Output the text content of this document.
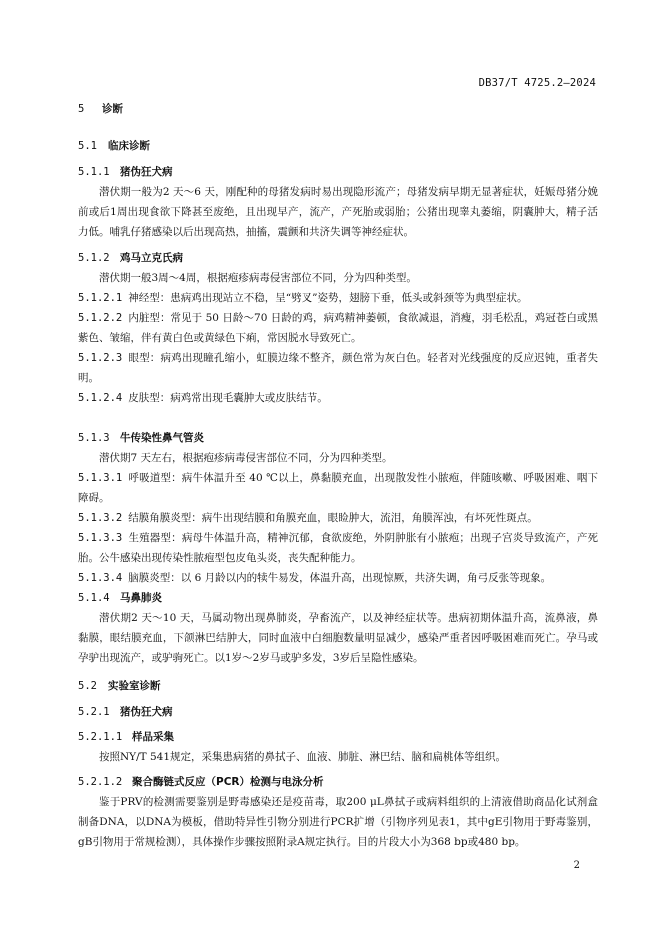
DB37/T 4725.2—2024
5 诊断
5.1 临床诊断
5.1.1 猪伪狂犬病
潜伏期一般为2 天～6 天，刚配种的母猪发病时易出现隐形流产；母猪发病早期无显著症状，妊娠母猪分娩前或后1周出现食欲下降甚至废绝，且出现早产，流产，产死胎或弱胎；公猪出现睾丸萎缩，阴囊肿大，精子活力低。哺乳仔猪感染以后出现高热，抽搐，震颤和共济失调等神经症状。
5.1.2 鸡马立克氏病
潜伏期一般3周～4周，根据疱疹病毒侵害部位不同，分为四种类型。
5.1.2.1 神经型：患病鸡出现站立不稳，呈“劈叉”姿势，翅膀下垂，低头或斜颈等为典型症状。
5.1.2.2 内脏型：常见于 50 日龄～70 日龄的鸡，病鸡精神萎顿，食欲减退，消瘦，羽毛松乱，鸡冠苍白或黑紫色、皱缩，伴有黄白色或黄绿色下痢，常因脱水导致死亡。
5.1.2.3 眼型：病鸡出现瞳孔缩小，虹膜边缘不整齐，颜色常为灰白色。轻者对光线强度的反应迟钝，重者失明。
5.1.2.4 皮肤型：病鸡常出现毛囊肿大或皮肤结节。
5.1.3 牛传染性鼻气管炎
潜伏期7 天左右，根据疱疹病毒侵害部位不同，分为四种类型。
5.1.3.1 呼吸道型：病牛体温升至 40 ℃以上，鼻黏膜充血，出现散发性小脓疱，伴随咳嗽、呼吸困难、咽下障碍。
5.1.3.2 结膜角膜炎型：病牛出现结膜和角膜充血，眼睑肿大，流泪，角膜浑浊，有坏死性斑点。
5.1.3.3 生殖器型：病母牛体温升高，精神沉郁，食欲废绝，外阴肿胀有小脓疱；出现子宫炎导致流产，产死胎。公牛感染出现传染性脓疱型包皮龟头炎，丧失配种能力。
5.1.3.4 脑膜炎型：以 6 月龄以内的犊牛易发，体温升高，出现惊厥，共济失调，角弓反张等现象。
5.1.4 马鼻肺炎
潜伏期2 天～10 天，马属动物出现鼻肺炎，孕畜流产，以及神经症状等。患病初期体温升高，流鼻液，鼻黏膜，眼结膜充血，下颌淋巴结肿大，同时血液中白细胞数量明显减少，感染严重者因呼吸困难而死亡。孕马或孕驴出现流产，或驴驹死亡。以1岁～2岁马或驴多发，3岁后呈隐性感染。
5.2 实验室诊断
5.2.1 猪伪狂犬病
5.2.1.1 样品采集
按照NY/T 541规定，采集患病猪的鼻拭子、血液、肺脏、淋巴结、脑和扁桃体等组织。
5.2.1.2 聚合酶链式反应（PCR）检测与电泳分析
鉴于PRV的检测需要鉴别是野毒感染还是疫苗毒，取200 μL鼻拭子或病料组织的上清液借助商品化试剂盒制备DNA，以DNA为模板，借助特异性引物分别进行PCR扩增（引物序列见表1，其中gE引物用于野毒鉴别，gB引物用于常规检测），具体操作步骤按照附录A规定执行。目的片段大小为368 bp或480 bp。
2
